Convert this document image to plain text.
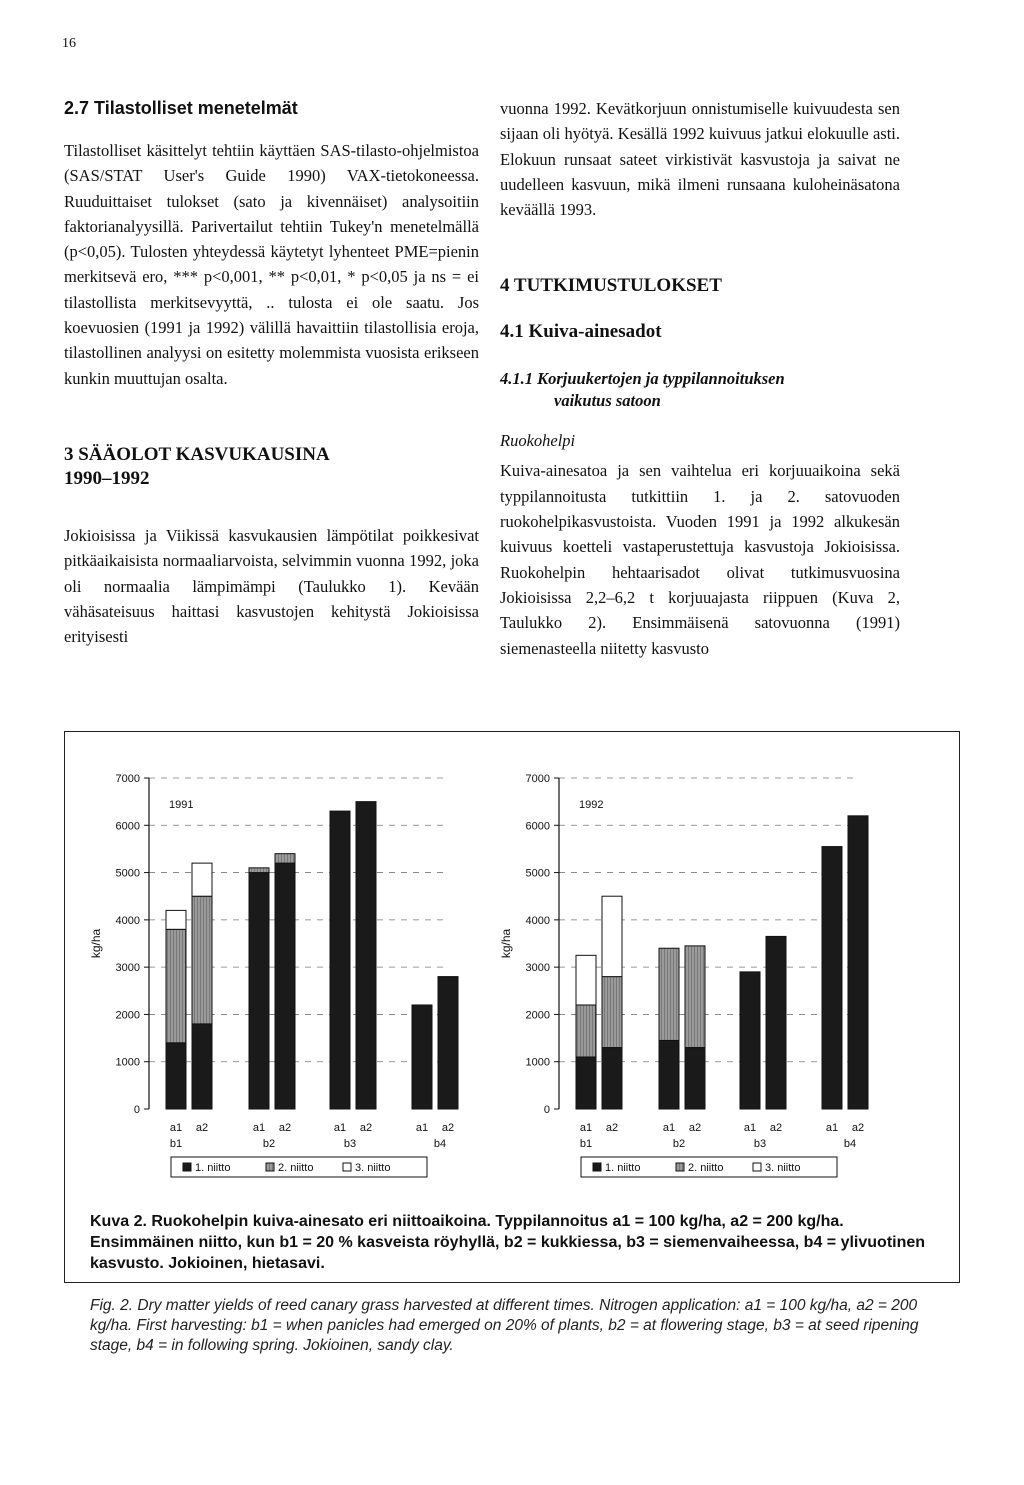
16
2.7 Tilastolliset menetelmät

Tilastolliset käsittelyt tehtiin käyttäen SAS-tilasto-ohjelmistoa (SAS/STAT User's Guide 1990) VAX-tietokoneessa. Ruuduittaiset tulokset (sato ja kivennäiset) analysoitiin faktorianalyysillä. Parivertailut tehtiin Tukey'n menetelmällä (p<0,05). Tulosten yhteydessä käytetyt lyhenteet PME=pienin merkitsevä ero, *** p<0,001, ** p<0,01, * p<0,05 ja ns = ei tilastollista merkitsevyyttä, .. tulosta ei ole saatu. Jos koevuosien (1991 ja 1992) välillä havaittiin tilastollisia eroja, tilastollinen analyysi on esitetty molemmista vuosista erikseen kunkin muuttujan osalta.

3 SÄÄOLOT KASVUKAUSINA
1990–1992

Jokioisissa ja Viikissä kasvukausien lämpötilat poikkesivat pitkäaikaisista normaaliarvoista, selvimmin vuonna 1992, joka oli normaalia lämpimämpi (Taulukko 1). Kevään vähäsateisuus haittasi kasvustojen kehitystä Jokioisissa erityisesti

vuonna 1992. Kevätkorjuun onnistumiselle kuivuudesta sen sijaan oli hyötyä. Kesällä 1992 kuivuus jatkui elokuulle asti. Elokuun runsaat sateet virkistivät kasvustoja ja saivat ne uudelleen kasvuun, mikä ilmeni runsaana kuloheinäsatona keväällä 1993.

4 TUTKIMUSTULOKSET
4.1 Kuiva-ainesadot
4.1.1 Korjuukertojen ja typpilannoituksen
vaikutus satoon

Ruokohelpi

Kuiva-ainesatoa ja sen vaihtelua eri korjuuaikoina sekä typpilannoitusta tutkittiin 1. ja 2. satovuoden ruokohelpikasvustoista. Vuoden 1991 ja 1992 alkukesän kuivuus koetteli vastaperustettuja kasvustoja Jokioisissa. Ruokohelpin hehtaarisadot olivat tutkimusvuosina Jokioisissa 2,2–6,2 t korjuuajasta riippuen (Kuva 2, Taulukko 2). Ensimmäisenä satovuonna (1991) siemenasteella niitetty kasvusto

0
1000
2000
3000
4000
5000
6000
7000
kg/ha
1991
a1 a2	a1 a2	a1 a2	a1 a2
b1	b2	b3	b4
1. niitto	2. niitto	3. niitto
0
1000
2000
3000
4000
5000
6000
7000
kg/ha
1992
a1 a2	a1 a2	a1 a2	a1 a2
b1	b2	b3	b4
1. niitto	2. niitto	3. niitto
Kuva 2. Ruokohelpin kuiva-ainesato eri niittoaikoina. Typpilannoitus a1 = 100 kg/ha, a2 = 200 kg/ha. Ensimmäinen niitto, kun b1 = 20 % kasveista röyhyllä, b2 = kukkiessa, b3 = siemenvaiheessa, b4 = ylivuotinen kasvusto. Jokioinen, hietasavi.
Fig. 2. Dry matter yields of reed canary grass harvested at different times. Nitrogen application: a1 = 100 kg/ha, a2 = 200 kg/ha. First harvesting: b1 = when panicles had emerged on 20% of plants, b2 = at flowering stage, b3 = at seed ripening stage, b4 = in following spring. Jokioinen, sandy clay.
